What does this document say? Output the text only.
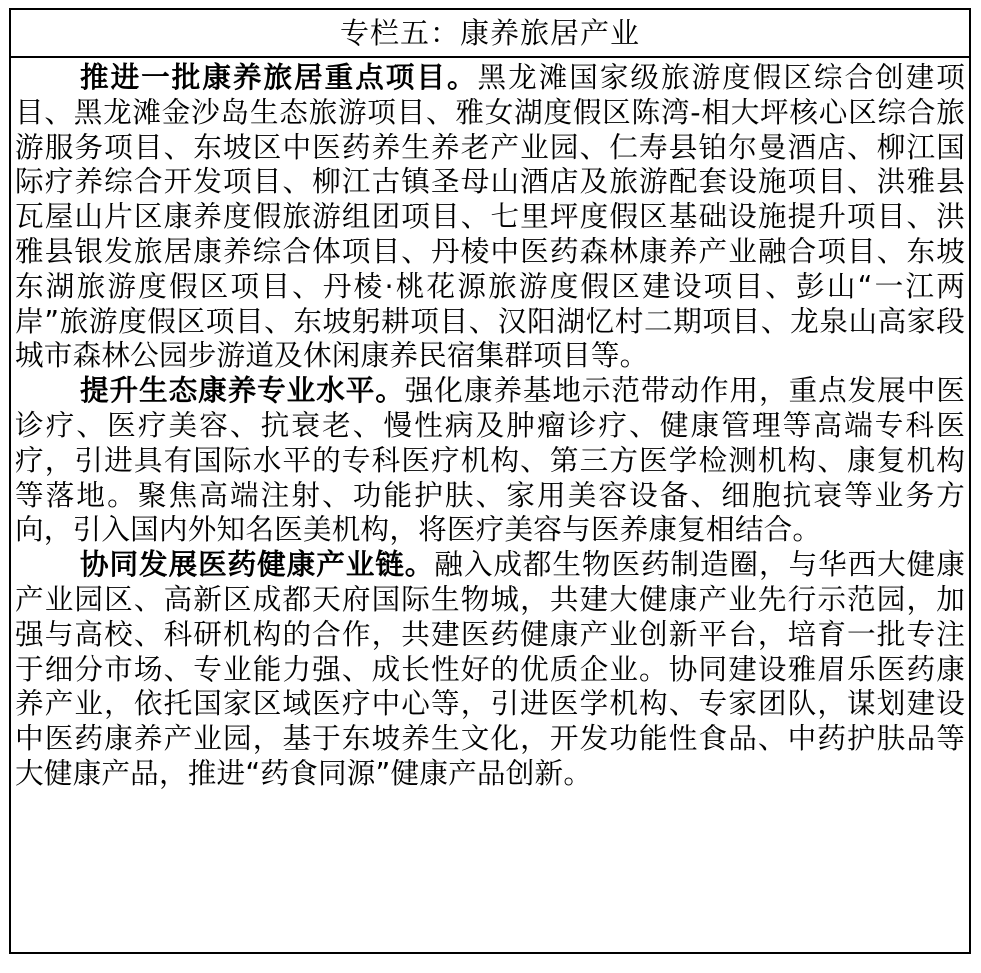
专栏五：康养旅居产业

推进一批康养旅居重点项目。黑龙滩国家级旅游度假区综合创建项目、黑龙滩金沙岛生态旅游项目、雅女湖度假区陈湾-相大坪核心区综合旅游服务项目、东坡区中医药养生养老产业园、仁寿县铂尔曼酒店、柳江国际疗养综合开发项目、柳江古镇圣母山酒店及旅游配套设施项目、洪雅县瓦屋山片区康养度假旅游组团项目、七里坪度假区基础设施提升项目、洪雅县银发旅居康养综合体项目、丹棱中医药森林康养产业融合项目、东坡东湖旅游度假区项目、丹棱·桃花源旅游度假区建设项目、彭山“一江两岸”旅游度假区项目、东坡躬耕项目、汉阳湖忆村二期项目、龙泉山高家段城市森林公园步游道及休闲康养民宿集群项目等。

提升生态康养专业水平。强化康养基地示范带动作用，重点发展中医诊疗、医疗美容、抗衰老、慢性病及肿瘤诊疗、健康管理等高端专科医疗，引进具有国际水平的专科医疗机构、第三方医学检测机构、康复机构等落地。聚焦高端注射、功能护肤、家用美容设备、细胞抗衰等业务方向，引入国内外知名医美机构，将医疗美容与医养康复相结合。

协同发展医药健康产业链。融入成都生物医药制造圈，与华西大健康产业园区、高新区成都天府国际生物城，共建大健康产业先行示范园，加强与高校、科研机构的合作，共建医药健康产业创新平台，培育一批专注于细分市场、专业能力强、成长性好的优质企业。协同建设雅眉乐医药康养产业，依托国家区域医疗中心等，引进医学机构、专家团队，谋划建设中医药康养产业园，基于东坡养生文化，开发功能性食品、中药护肤品等大健康产品，推进“药食同源”健康产品创新。
